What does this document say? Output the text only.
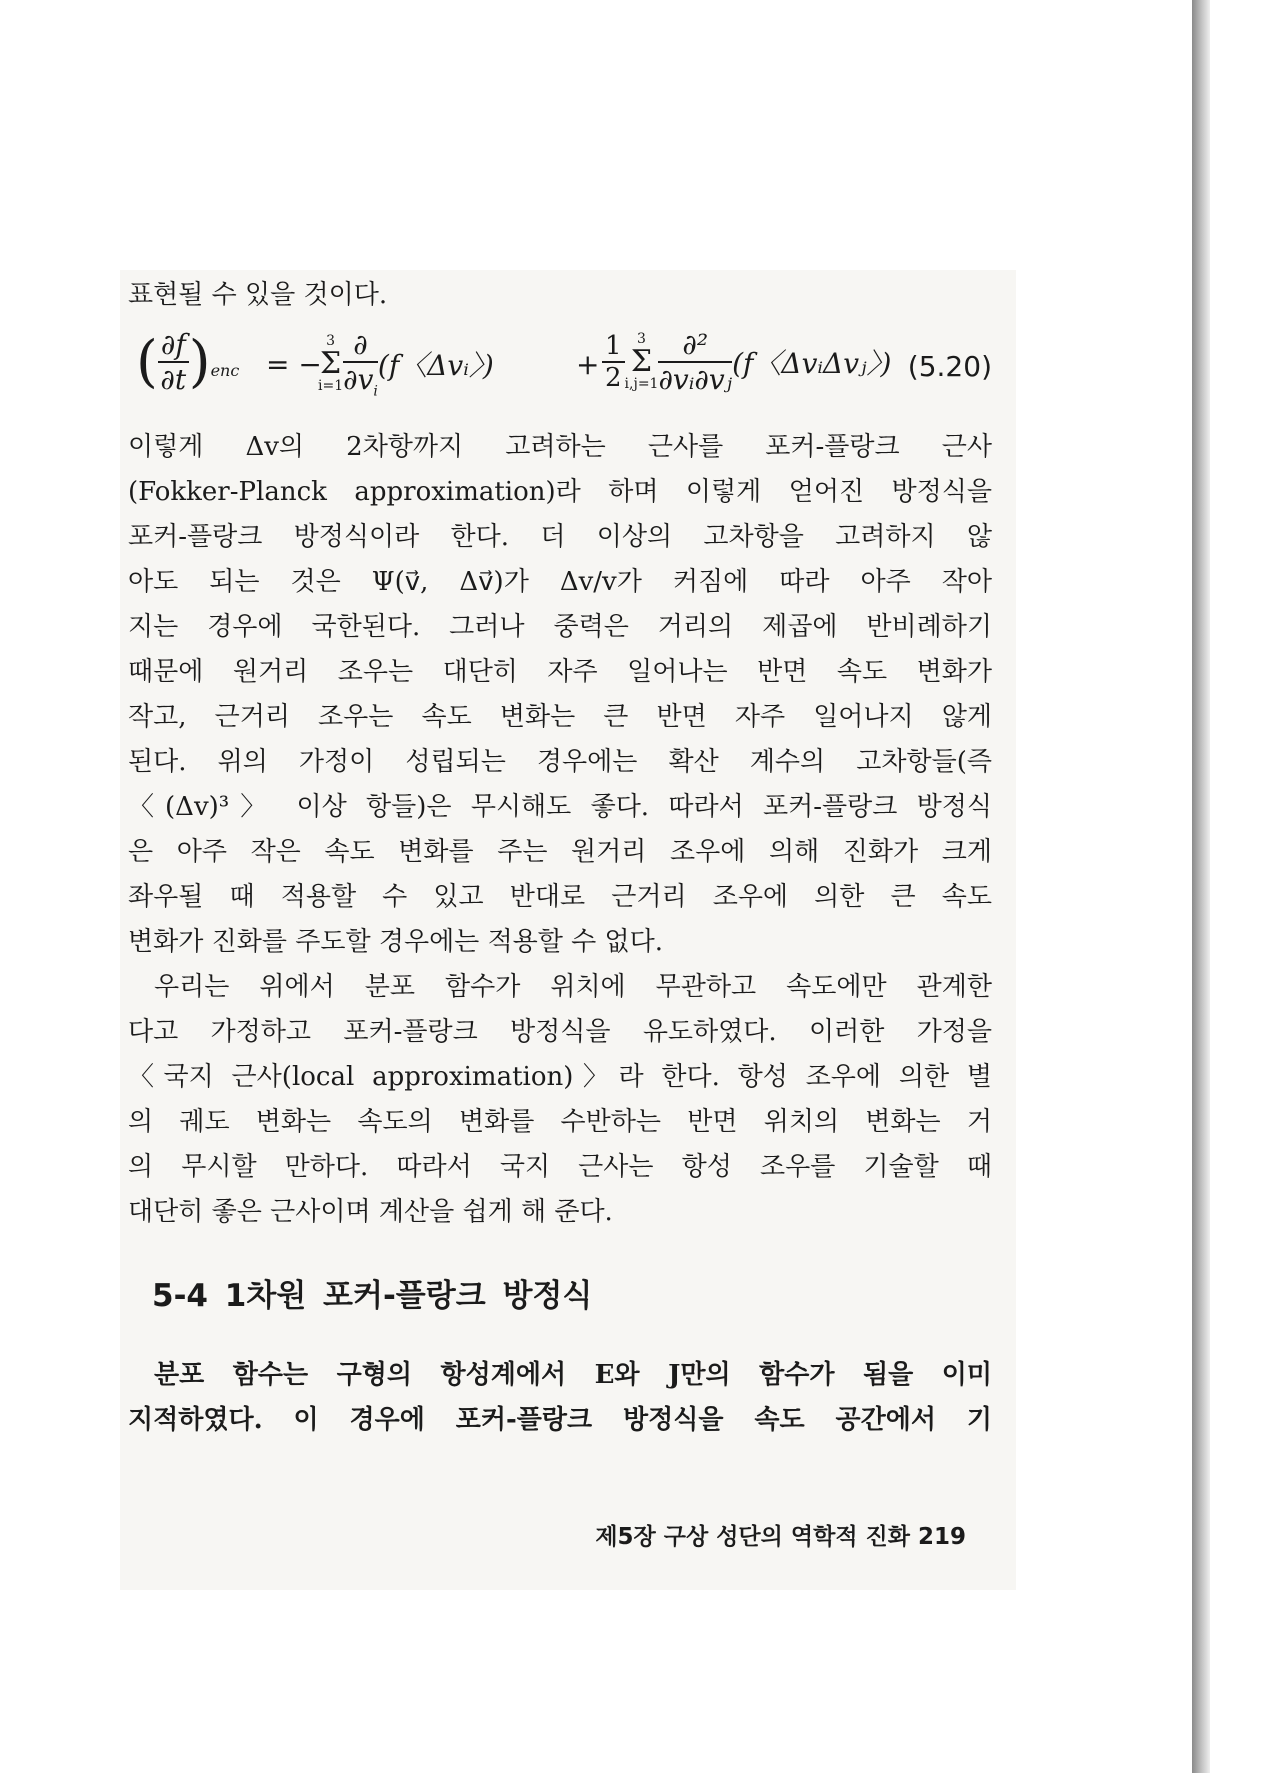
표현될 수 있을 것이다.
( $\frac{\partial f}{\partial t} )_{enc}$ = −
3
Σ
$i=1 \frac{\partial}{\partial v_i} (f$〈Δvᵢ〉)	+ $\frac{1}{2} 3$
Σ
$i,j=1 \frac{\text{∂²}}{\text{∂vᵢ∂vⱼ}} (f$〈ΔvᵢΔvⱼ〉) (5.20)
이렇게 Δv의 2차항까지 고려하는 근사를 포커-플랑크 근사
(Fokker-Planck approximation)라 하며 이렇게 얻어진 방정식을
포커-플랑크 방정식이라 한다. 더 이상의 고차항을 고려하지 않
아도 되는 것은 Ψ(v⃗, Δv⃗)가 Δv/v가 커짐에 따라 아주 작아
지는 경우에 국한된다. 그러나 중력은 거리의 제곱에 반비례하기
때문에 원거리 조우는 대단히 자주 일어나는 반면 속도 변화가
작고, 근거리 조우는 속도 변화는 큰 반면 자주 일어나지 않게
된다. 위의 가정이 성립되는 경우에는 확산 계수의 고차항들(즉
〈(Δv)³〉 이상 항들)은 무시해도 좋다. 따라서 포커-플랑크 방정식
은 아주 작은 속도 변화를 주는 원거리 조우에 의해 진화가 크게
좌우될 때 적용할 수 있고 반대로 근거리 조우에 의한 큰 속도
변화가 진화를 주도할 경우에는 적용할 수 없다.
우리는 위에서 분포 함수가 위치에 무관하고 속도에만 관계한
다고 가정하고 포커-플랑크 방정식을 유도하였다. 이러한 가정을
〈국지 근사(local approximation)〉라 한다. 항성 조우에 의한 별
의 궤도 변화는 속도의 변화를 수반하는 반면 위치의 변화는 거
의 무시할 만하다. 따라서 국지 근사는 항성 조우를 기술할 때
대단히 좋은 근사이며 계산을 쉽게 해 준다.
5-4 1차원 포커-플랑크 방정식
분포 함수는 구형의 항성계에서 E와 J만의 함수가 됨을 이미
지적하였다. 이 경우에 포커-플랑크 방정식을 속도 공간에서 기
제5장 구상 성단의 역학적 진화 219
